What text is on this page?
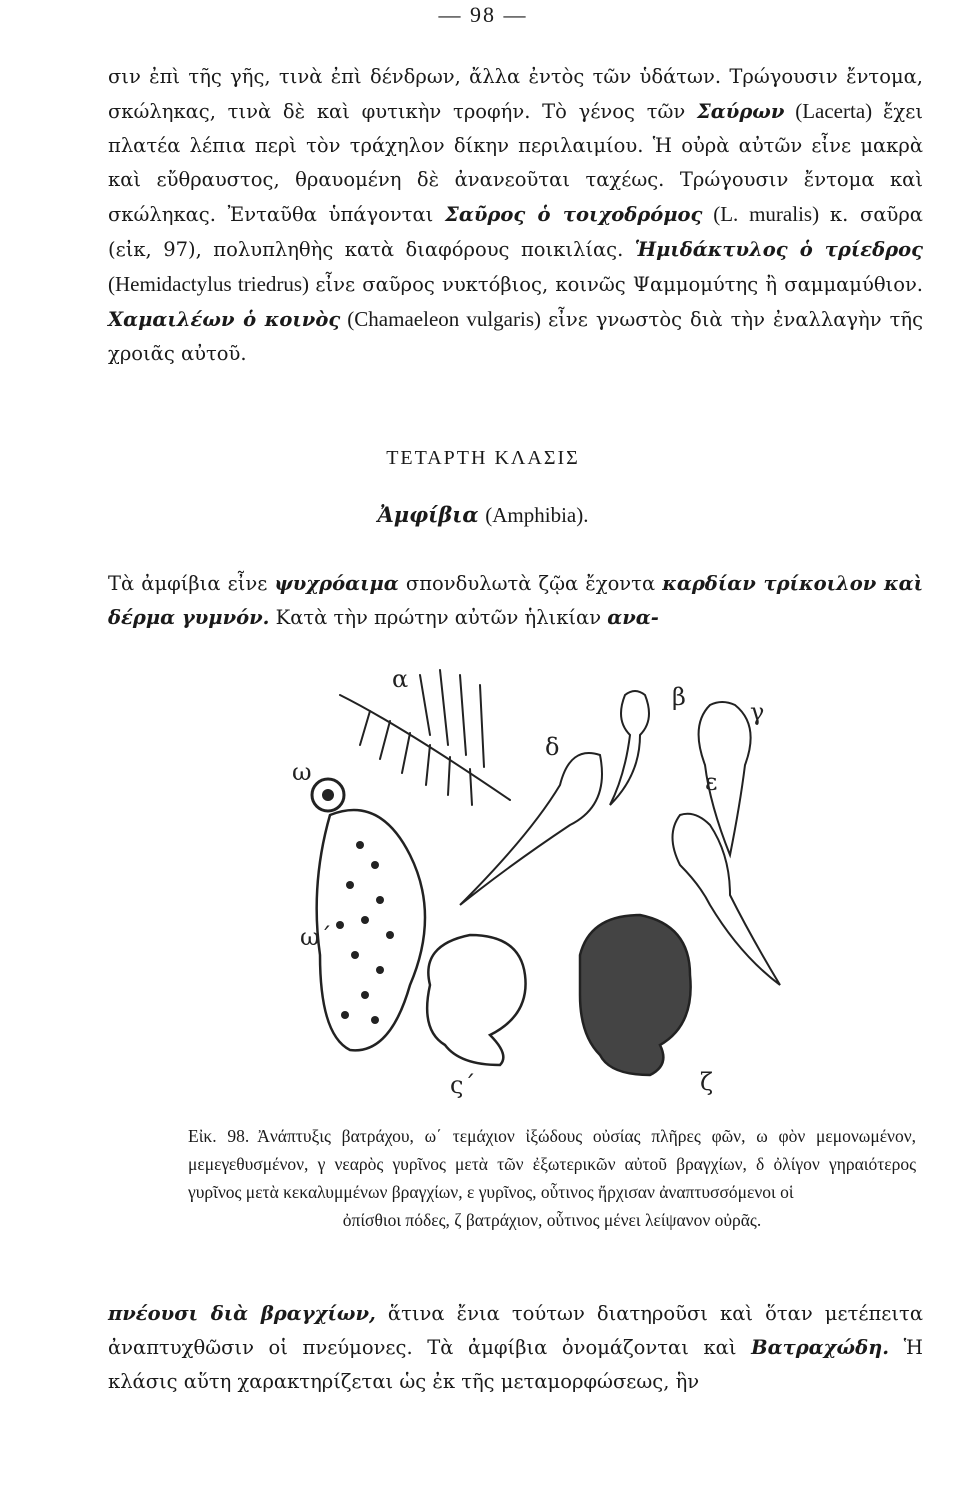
— 98 —

σιν ἐπὶ τῆς γῆς, τινὰ ἐπὶ δένδρων, ἄλλα ἐντὸς τῶν ὑδάτων. Τρώγουσιν ἔντομα, σκώληκας, τινὰ δὲ καὶ φυτικὴν τροφήν. Τὸ γένος τῶν Σαύρων (Lacerta) ἔχει πλατέα λέπια περὶ τὸν τράχηλον δίκην περιλαιμίου. Ἡ οὐρὰ αὐτῶν εἶνε μακρὰ καὶ εὔθραυστος, θραυομένη δὲ ἀνανεοῦται ταχέως. Τρώγουσιν ἔντομα καὶ σκώληκας. Ἐνταῦθα ὑπάγονται Σαῦρος ὁ τοιχοδρόμος (L. muralis) κ. σαῦρα (εἰκ, 97), πολυπληθὴς κατὰ διαφόρους ποικιλίας. Ἡμιδάκτυλος ὁ τρίεδρος (Hemidactylus triedrus) εἶνε σαῦρος νυκτόβιος, κοινῶς Ψαμμομύτης ἢ σαμμαμύθιον. Χαμαιλέων ὁ κοινὸς (Chamaeleon vulgaris) εἶνε γνωστὸς διὰ τὴν ἐναλλαγὴν τῆς χροιᾶς αὐτοῦ.

ΤΕΤΑΡΤΗ ΚΛΑΣΙΣ
Ἀμφίβια (Amphibia).

Τὰ ἀμφίβια εἶνε ψυχρόαιμα σπονδυλωτὰ ζῷα ἔχοντα καρδίαν τρίκοιλον καὶ δέρμα γυμνόν. Κατὰ τὴν πρώτην αὐτῶν ἡλικίαν ανα-

α
β
γ
δ
ε
ω
ω΄
ς΄	ζ

Εἰκ. 98. Ἀνάπτυξις βατράχου, ω΄ τεμάχιον ἰξώδους οὐσίας πλῆρες φῶν, ω φὸν μεμονωμένον, μεμεγεθυσμένον, γ νεαρὸς γυρῖνος μετὰ τῶν ἐξωτερικῶν αὐτοῦ βραγχίων, δ ὀλίγον γηραιότερος γυρῖνος μετὰ κεκαλυμμένων βραγχίων, ε γυρῖνος, οὗτινος ἤρχισαν ἀναπτυσσόμενοι οἱ
ὀπίσθιοι πόδες, ζ βατράχιον, οὗτινος μένει λείψανον οὐρᾶς.

πνέουσι διὰ βραγχίων, ἅτινα ἔνια τούτων διατηροῦσι καὶ ὅταν μετέπειτα ἀναπτυχθῶσιν οἱ πνεύμονες. Τὰ ἀμφίβια ὀνομάζονται καὶ Βατραχώδη. Ἡ κλάσις αὕτη χαρακτηρίζεται ὡς ἐκ τῆς μεταμορφώσεως, ἣν
